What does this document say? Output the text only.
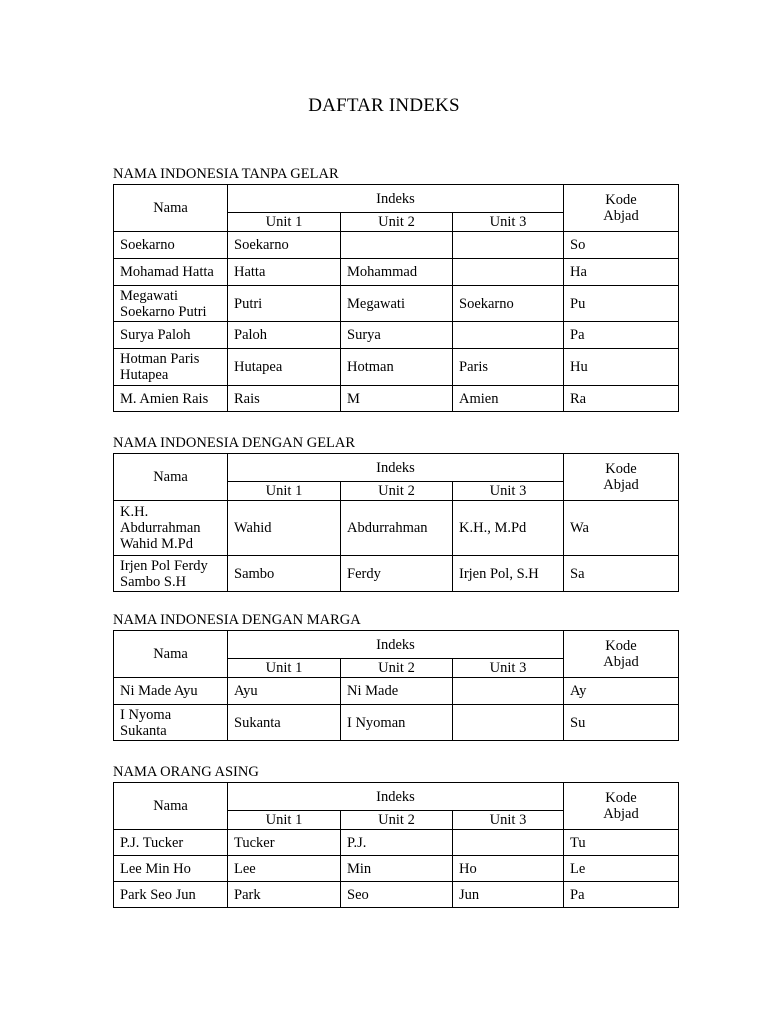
DAFTAR INDEKS
NAMA INDONESIA TANPA GELAR
Nama	Indeks			Kode
Abjad

	Unit 1	Unit 2	Unit 3	

Soekarno	Soekarno			So

Mohamad Hatta	Hatta	Mohammad		Ha

Megawati
Soekarno Putri	Putri	Megawati	Soekarno	Pu

Surya Paloh	Paloh	Surya		Pa

Hotman Paris
Hutapea	Hutapea	Hotman	Paris	Hu

M. Amien Rais	Rais	M	Amien	Ra
NAMA INDONESIA DENGAN GELAR
Nama	Indeks			Kode
Abjad

	Unit 1	Unit 2	Unit 3	

K.H.
Abdurrahman
Wahid M.Pd	Wahid	Abdurrahman	K.H., M.Pd	Wa

Irjen Pol Ferdy
Sambo S.H	Sambo	Ferdy	Irjen Pol, S.H	Sa
NAMA INDONESIA DENGAN MARGA
Nama	Indeks			Kode
Abjad

	Unit 1	Unit 2	Unit 3	

Ni Made Ayu	Ayu	Ni Made		Ay

I Nyoma
Sukanta	Sukanta	I Nyoman		Su
NAMA ORANG ASING
Nama	Indeks			Kode
Abjad

	Unit 1	Unit 2	Unit 3	

P.J. Tucker	Tucker	P.J.		Tu

Lee Min Ho	Lee	Min	Ho	Le

Park Seo Jun	Park	Seo	Jun	Pa
